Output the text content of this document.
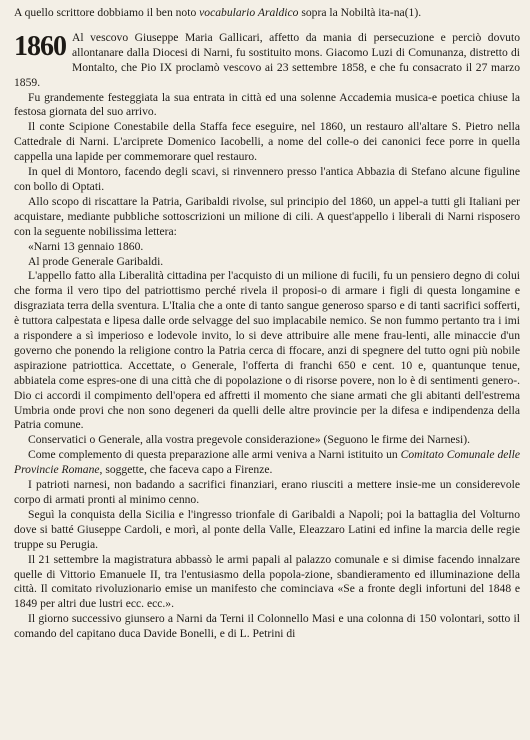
A quello scrittore dobbiamo il ben noto vocabulario Araldico sopra la Nobiltà ita-na(1).

1860 Al vescovo Giuseppe Maria Gallicari, affetto da mania di persecuzione e perciò dovuto allontanare dalla Diocesi di Narni, fu sostituito mons. Giacomo Luzi di Comunanza, distretto di Montalto, che Pio IX proclamò vescovo ai 23 settembre 1858, e che fu consacrato il 27 marzo 1859.

Fu grandemente festeggiata la sua entrata in città ed una solenne Accademia musica-e poetica chiuse la festosa giornata del suo arrivo.

Il conte Scipione Conestabile della Staffa fece eseguire, nel 1860, un restauro all'altare S. Pietro nella Cattedrale di Narni. L'arciprete Domenico Iacobelli, a nome del colle-o dei canonici fece porre in quella cappella una lapide per commemorare quel restauro.

In quel di Montoro, facendo degli scavi, si rinvennero presso l'antica Abbazia di Stefano alcune figuline con bollo di Optati.

Allo scopo di riscattare la Patria, Garibaldi rivolse, sul principio del 1860, un appel-a tutti gli Italiani per acquistare, mediante pubbliche sottoscrizioni un milione di cili. A quest'appello i liberali di Narni risposero con la seguente nobilissima lettera:

«Narni 13 gennaio 1860.

Al prode Generale Garibaldi.

L'appello fatto alla Liberalità cittadina per l'acquisto di un milione di fucili, fu un pensiero degno di colui che forma il vero tipo del patriottismo perché rivela il proposi-o di armare i figli di questa longamine e disgraziata terra della sventura. L'Italia che a onte di tanto sangue generoso sparso e di tanti sacrifici sofferti, è tuttora calpestata e lipesa dalle orde selvagge del suo implacabile nemico. Se non fummo pertanto tra i imi a rispondere a sì imperioso e lodevole invito, lo si deve attribuire alle mene frau-lenti, alle minaccie d'un governo che ponendo la religione contro la Patria cerca di ffocare, anzi di spegnere del tutto ogni più nobile aspirazione patriottica. Accettate, o Generale, l'offerta di franchi 650 e cent. 10 e, quantunque tenue, abbiatela come espres-one di una città che di popolazione o di risorse povere, non lo è di sentimenti genero-. Dio ci accordi il compimento dell'opera ed affretti il momento che siane armati che gli abitanti dell'estrema Umbria onde provi che non sono degeneri da quelli delle altre provincie per la difesa e indipendenza della Patria comune.

Conservatici o Generale, alla vostra pregevole considerazione» (Seguono le firme dei Narnesi).

Come complemento di questa preparazione alle armi veniva a Narni istituito un Comitato Comunale delle Provincie Romane, soggette, che faceva capo a Firenze.

I patrioti narnesi, non badando a sacrifici finanziari, erano riusciti a mettere insie-me un considerevole corpo di armati pronti al minimo cenno.

Seguì la conquista della Sicilia e l'ingresso trionfale di Garibaldi a Napoli; poi la battaglia del Volturno dove si batté Giuseppe Cardoli, e morì, al ponte della Valle, Eleazzaro Latini ed infine la marcia delle regie truppe su Perugia.

Il 21 settembre la magistratura abbassò le armi papali al palazzo comunale e si dimise facendo innalzare quelle di Vittorio Emanuele II, tra l'entusiasmo della popola-zione, sbandieramento ed illuminazione della città. Il comitato rivoluzionario emise un manifesto che cominciava «Se a fronte degli infortuni del 1848 e 1849 per altri due lustri ecc. ecc.».

Il giorno successivo giunsero a Narni da Terni il Colonnello Masi e una colonna di 150 volontari, sotto il comando del capitano duca Davide Bonelli, e di L. Petrini di
